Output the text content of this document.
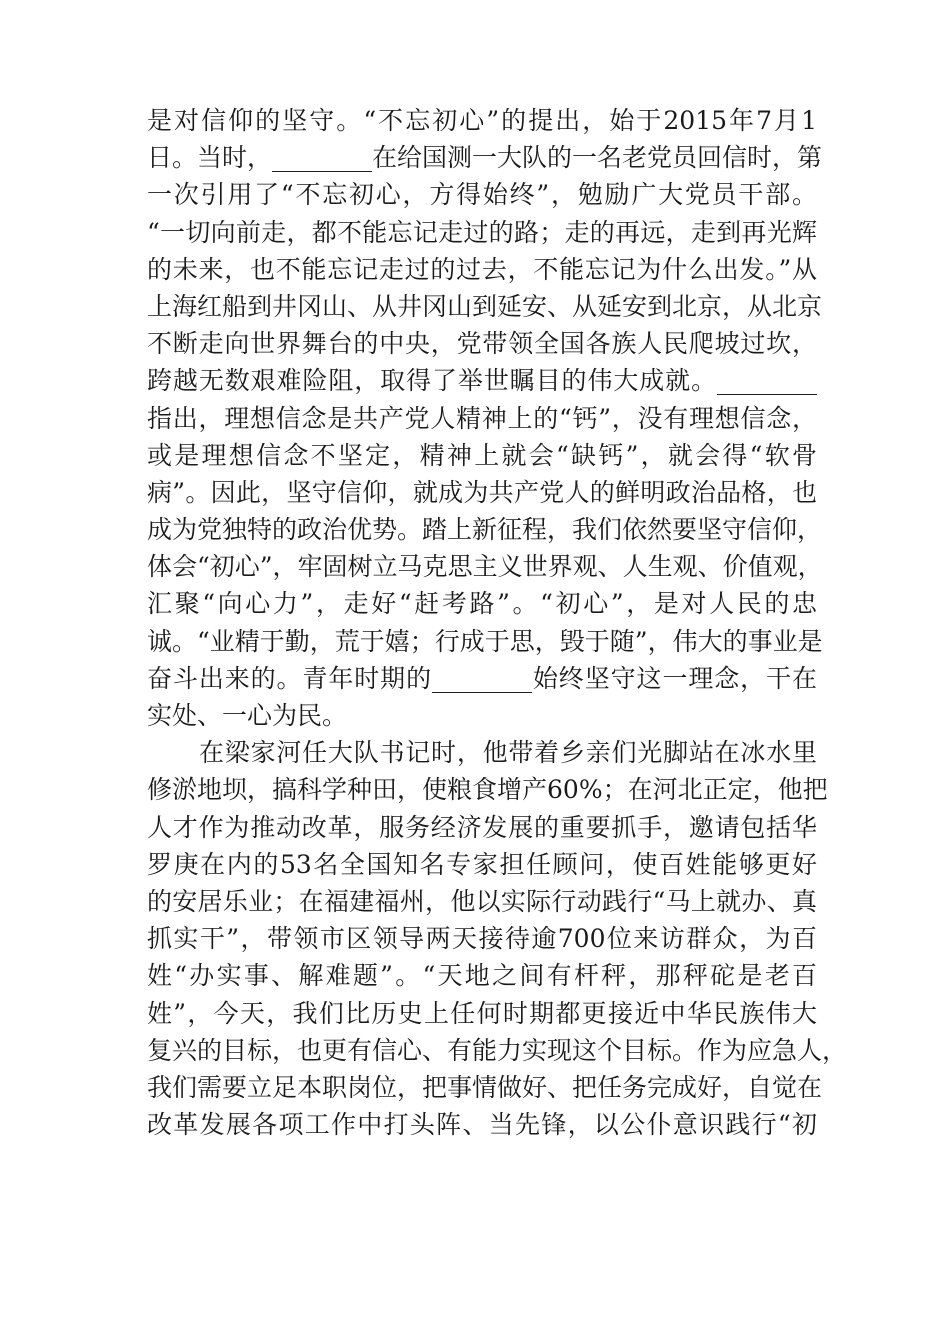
是对信仰的坚守。“不忘初心”的提出，始于2015年7月1
日。当时，________在给国测一大队的一名老党员回信时，第
一次引用了“不忘初心，方得始终”，勉励广大党员干部。
“一切向前走，都不能忘记走过的路；走的再远，走到再光辉
的未来，也不能忘记走过的过去，不能忘记为什么出发。”从
上海红船到井冈山、从井冈山到延安、从延安到北京，从北京
不断走向世界舞台的中央，党带领全国各族人民爬坡过坎，
跨越无数艰难险阻，取得了举世瞩目的伟大成就。________
指出，理想信念是共产党人精神上的“钙”，没有理想信念，
或是理想信念不坚定，精神上就会“缺钙”，就会得“软骨
病”。因此，坚守信仰，就成为共产党人的鲜明政治品格，也
成为党独特的政治优势。踏上新征程，我们依然要坚守信仰，
体会“初心”，牢固树立马克思主义世界观、人生观、价值观，
汇聚“向心力”，走好“赶考路”。“初心”，是对人民的忠
诚。“业精于勤，荒于嬉；行成于思，毁于随”，伟大的事业是
奋斗出来的。青年时期的________始终坚守这一理念，干在
实处、一心为民。
在梁家河任大队书记时，他带着乡亲们光脚站在冰水里
修淤地坝，搞科学种田，使粮食增产60%；在河北正定，他把
人才作为推动改革，服务经济发展的重要抓手，邀请包括华
罗庚在内的53名全国知名专家担任顾问，使百姓能够更好
的安居乐业；在福建福州，他以实际行动践行“马上就办、真
抓实干”，带领市区领导两天接待逾700位来访群众，为百
姓“办实事、解难题”。“天地之间有杆秤，那秤砣是老百
姓”，今天，我们比历史上任何时期都更接近中华民族伟大
复兴的目标，也更有信心、有能力实现这个目标。作为应急人，
我们需要立足本职岗位，把事情做好、把任务完成好，自觉在
改革发展各项工作中打头阵、当先锋，以公仆意识践行“初
